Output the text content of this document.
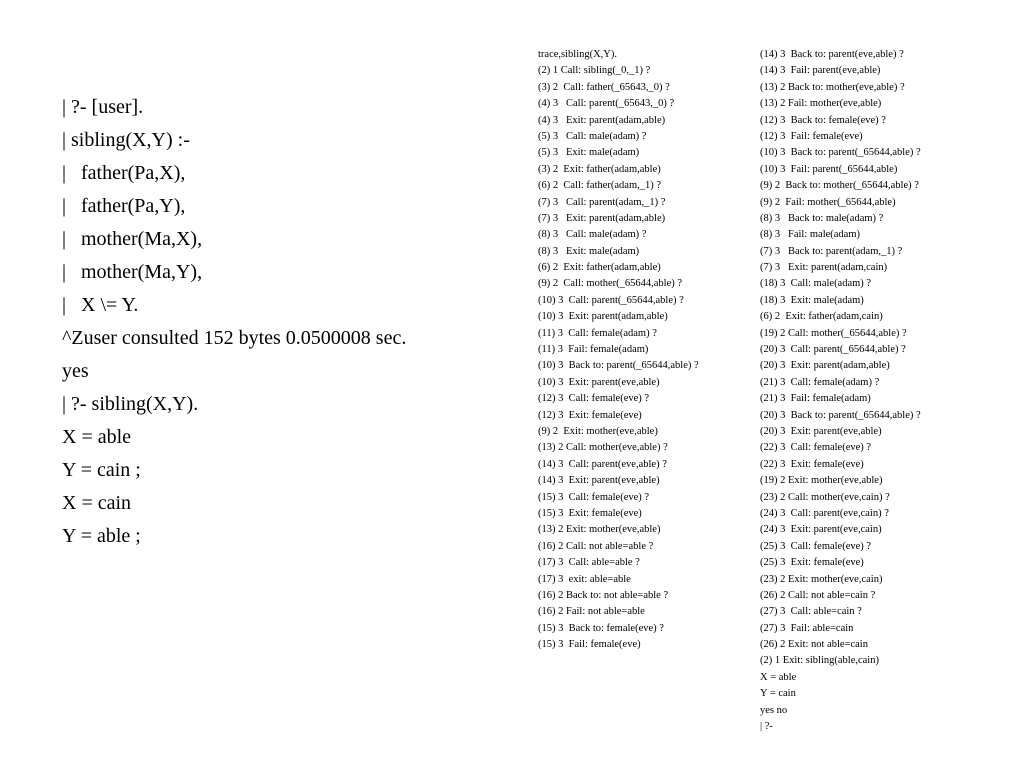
| ?- [user].
| sibling(X,Y) :-
|   father(Pa,X),
|   father(Pa,Y),
|   mother(Ma,X),
|   mother(Ma,Y),
|   X \= Y.
^Zuser consulted 152 bytes 0.0500008 sec.
yes
| ?- sibling(X,Y).
X = able
Y = cain ;
X = cain
Y = able ;
trace,sibling(X,Y).
(2) 1 Call: sibling(_0,_1) ?
(3) 2  Call: father(_65643,_0) ?
(4) 3   Call: parent(_65643,_0) ?
(4) 3   Exit: parent(adam,able)
(5) 3   Call: male(adam) ?
(5) 3   Exit: male(adam)
(3) 2  Exit: father(adam,able)
(6) 2  Call: father(adam,_1) ?
(7) 3   Call: parent(adam,_1) ?
(7) 3   Exit: parent(adam,able)
(8) 3   Call: male(adam) ?
(8) 3   Exit: male(adam)
(6) 2  Exit: father(adam,able)
(9) 2  Call: mother(_65644,able) ?
(10) 3  Call: parent(_65644,able) ?
(10) 3  Exit: parent(adam,able)
(11) 3  Call: female(adam) ?
(11) 3  Fail: female(adam)
(10) 3  Back to: parent(_65644,able) ?
(10) 3  Exit: parent(eve,able)
(12) 3  Call: female(eve) ?
(12) 3  Exit: female(eve)
(9) 2  Exit: mother(eve,able)
(13) 2 Call: mother(eve,able) ?
(14) 3  Call: parent(eve,able) ?
(14) 3  Exit: parent(eve,able)
(15) 3  Call: female(eve) ?
(15) 3  Exit: female(eve)
(13) 2 Exit: mother(eve,able)
(16) 2 Call: not able=able ?
(17) 3  Call: able=able ?
(17) 3  exit: able=able
(16) 2 Back to: not able=able ?
(16) 2 Fail: not able=able
(15) 3  Back to: female(eve) ?
(15) 3  Fail: female(eve)
(14) 3  Back to: parent(eve,able) ?
(14) 3  Fail: parent(eve,able)
(13) 2 Back to: mother(eve,able) ?
(13) 2 Fail: mother(eve,able)
(12) 3  Back to: female(eve) ?
(12) 3  Fail: female(eve)
(10) 3  Back to: parent(_65644,able) ?
(10) 3  Fail: parent(_65644,able)
(9) 2  Back to: mother(_65644,able) ?
(9) 2  Fail: mother(_65644,able)
(8) 3   Back to: male(adam) ?
(8) 3   Fail: male(adam)
(7) 3   Back to: parent(adam,_1) ?
(7) 3   Exit: parent(adam,cain)
(18) 3  Call: male(adam) ?
(18) 3  Exit: male(adam)
(6) 2  Exit: father(adam,cain)
(19) 2 Call: mother(_65644,able) ?
(20) 3  Call: parent(_65644,able) ?
(20) 3  Exit: parent(adam,able)
(21) 3  Call: female(adam) ?
(21) 3  Fail: female(adam)
(20) 3  Back to: parent(_65644,able) ?
(20) 3  Exit: parent(eve,able)
(22) 3  Call: female(eve) ?
(22) 3  Exit: female(eve)
(19) 2 Exit: mother(eve,able)
(23) 2 Call: mother(eve,cain) ?
(24) 3  Call: parent(eve,cain) ?
(24) 3  Exit: parent(eve,cain)
(25) 3  Call: female(eve) ?
(25) 3  Exit: female(eve)
(23) 2 Exit: mother(eve,cain)
(26) 2 Call: not able=cain ?
(27) 3  Call: able=cain ?
(27) 3  Fail: able=cain
(26) 2 Exit: not able=cain
(2) 1 Exit: sibling(able,cain)
X = able
Y = cain
yes no
| ?-
